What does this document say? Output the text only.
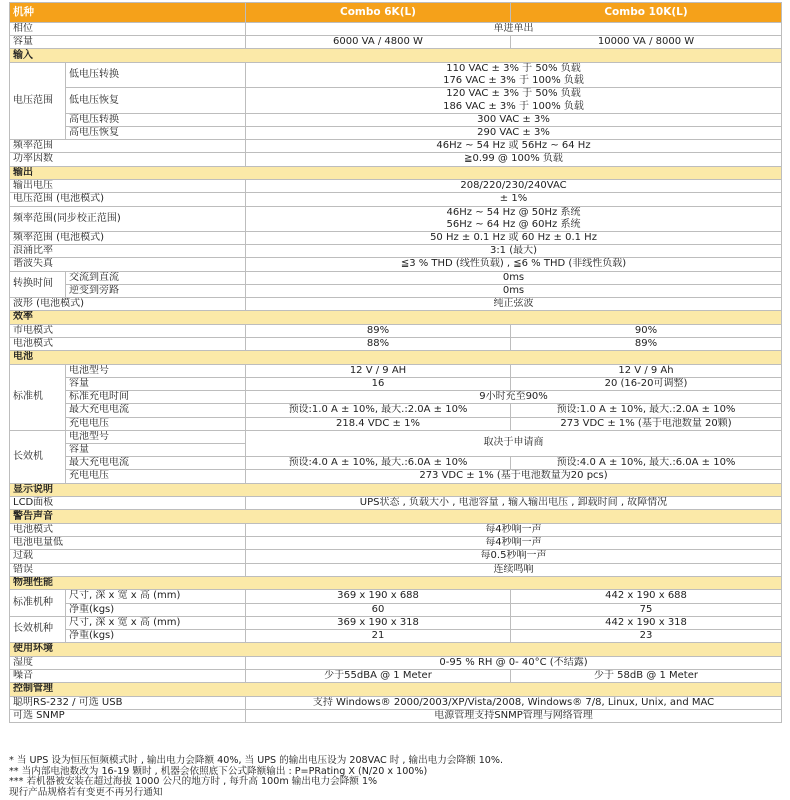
机种		Combo 6K(L)	Combo 10K(L)
相位		单进单出	
容量		6000 VA / 4800 W	10000 VA / 8000 W
输入			
电压范围	低电压转换	110 VAC ± 3% 于 50% 负载
176 VAC ± 3% 于 100% 负载	

	低电压恢复	120 VAC ± 3% 于 50% 负载
186 VAC ± 3% 于 100% 负载	

	高电压转换	300 VAC ± 3%	
	高电压恢复	290 VAC ± 3%	
频率范围		46Hz ~ 54 Hz 或 56Hz ~ 64 Hz	
功率因数		≧0.99 @ 100% 负载	
输出			
输出电压		208/220/230/240VAC	
电压范围 (电池模式)		± 1%	
频率范围(同步校正范围)		46Hz ~ 54 Hz @ 50Hz 系统
56Hz ~ 64 Hz @ 60Hz 系统	

频率范围 (电池模式)		50 Hz ± 0.1 Hz 或 60 Hz ± 0.1 Hz	
浪涌比率		3:1 (最大)	
谐波失真		≦3 % THD (线性负载) , ≦6 % THD (非线性负载)	
转换时间	交流到直流	0ms	
	逆变到旁路	0ms	
波形 (电池模式)		纯正弦波	
效率			
市电模式		89%	90%
电池模式		88%	89%
电池			
标准机	电池型号	12 V / 9 AH	12 V / 9 Ah
	容量	16	20 (16-20可调整)
	标准充电时间	9小时充至90%	
	最大充电电流	预设:1.0 A ± 10%, 最大.:2.0A ± 10%	预设:1.0 A ± 10%, 最大.:2.0A ± 10%
	充电电压	218.4 VDC ± 1%	273 VDC ± 1% (基于电池数量 20颗)
长效机	电池型号	取决于申请商	
	容量		
	最大充电电流	预设:4.0 A ± 10%, 最大.:6.0A ± 10%	预设:4.0 A ± 10%, 最大.:6.0A ± 10%
	充电电压	273 VDC ± 1% (基于电池数量为20 pcs)	
显示说明			
LCD面板		UPS状态 , 负载大小 , 电池容量 , 输入输出电压 , 卸载时间 , 故障情况	
警告声音			
电池模式		每4秒响一声	
电池电量低		每4秒响一声	
过载		每0.5秒响一声	
错误		连续鸣响	
物理性能			
标准机种	尺寸, 深 x 宽 x 高 (mm)	369 x 190 x 688	442 x 190 x 688
	净重(kgs)	60	75
长效机种	尺寸, 深 x 宽 x 高 (mm)	369 x 190 x 318	442 x 190 x 318
	净重(kgs)	21	23
使用环境			
湿度		0-95 % RH @ 0- 40°C (不结露)	
噪音		少于55dBA @ 1 Meter	少于 58dB @ 1 Meter
控制管理			
聪明RS-232 / 可选 USB		支持 Windows® 2000/2003/XP/Vista/2008, Windows® 7/8, Linux, Unix, and MAC	
可选 SNMP		电源管理支持SNMP管理与网络管理	
* 当 UPS 设为恒压恒频模式时 , 输出电力会降额 40%, 当 UPS 的输出电压设为 208VAC 时 , 输出电力会降额 10%.
** 当内部电池数改为 16-19 颗时 , 机器会依照底下公式降额输出 : P=PRating X (N/20 x 100%)
*** 若机器被安装在超过海拔 1000 公尺的地方时 , 每升高 100m 输出电力会降额 1%
现行产品规格若有变更不再另行通知
